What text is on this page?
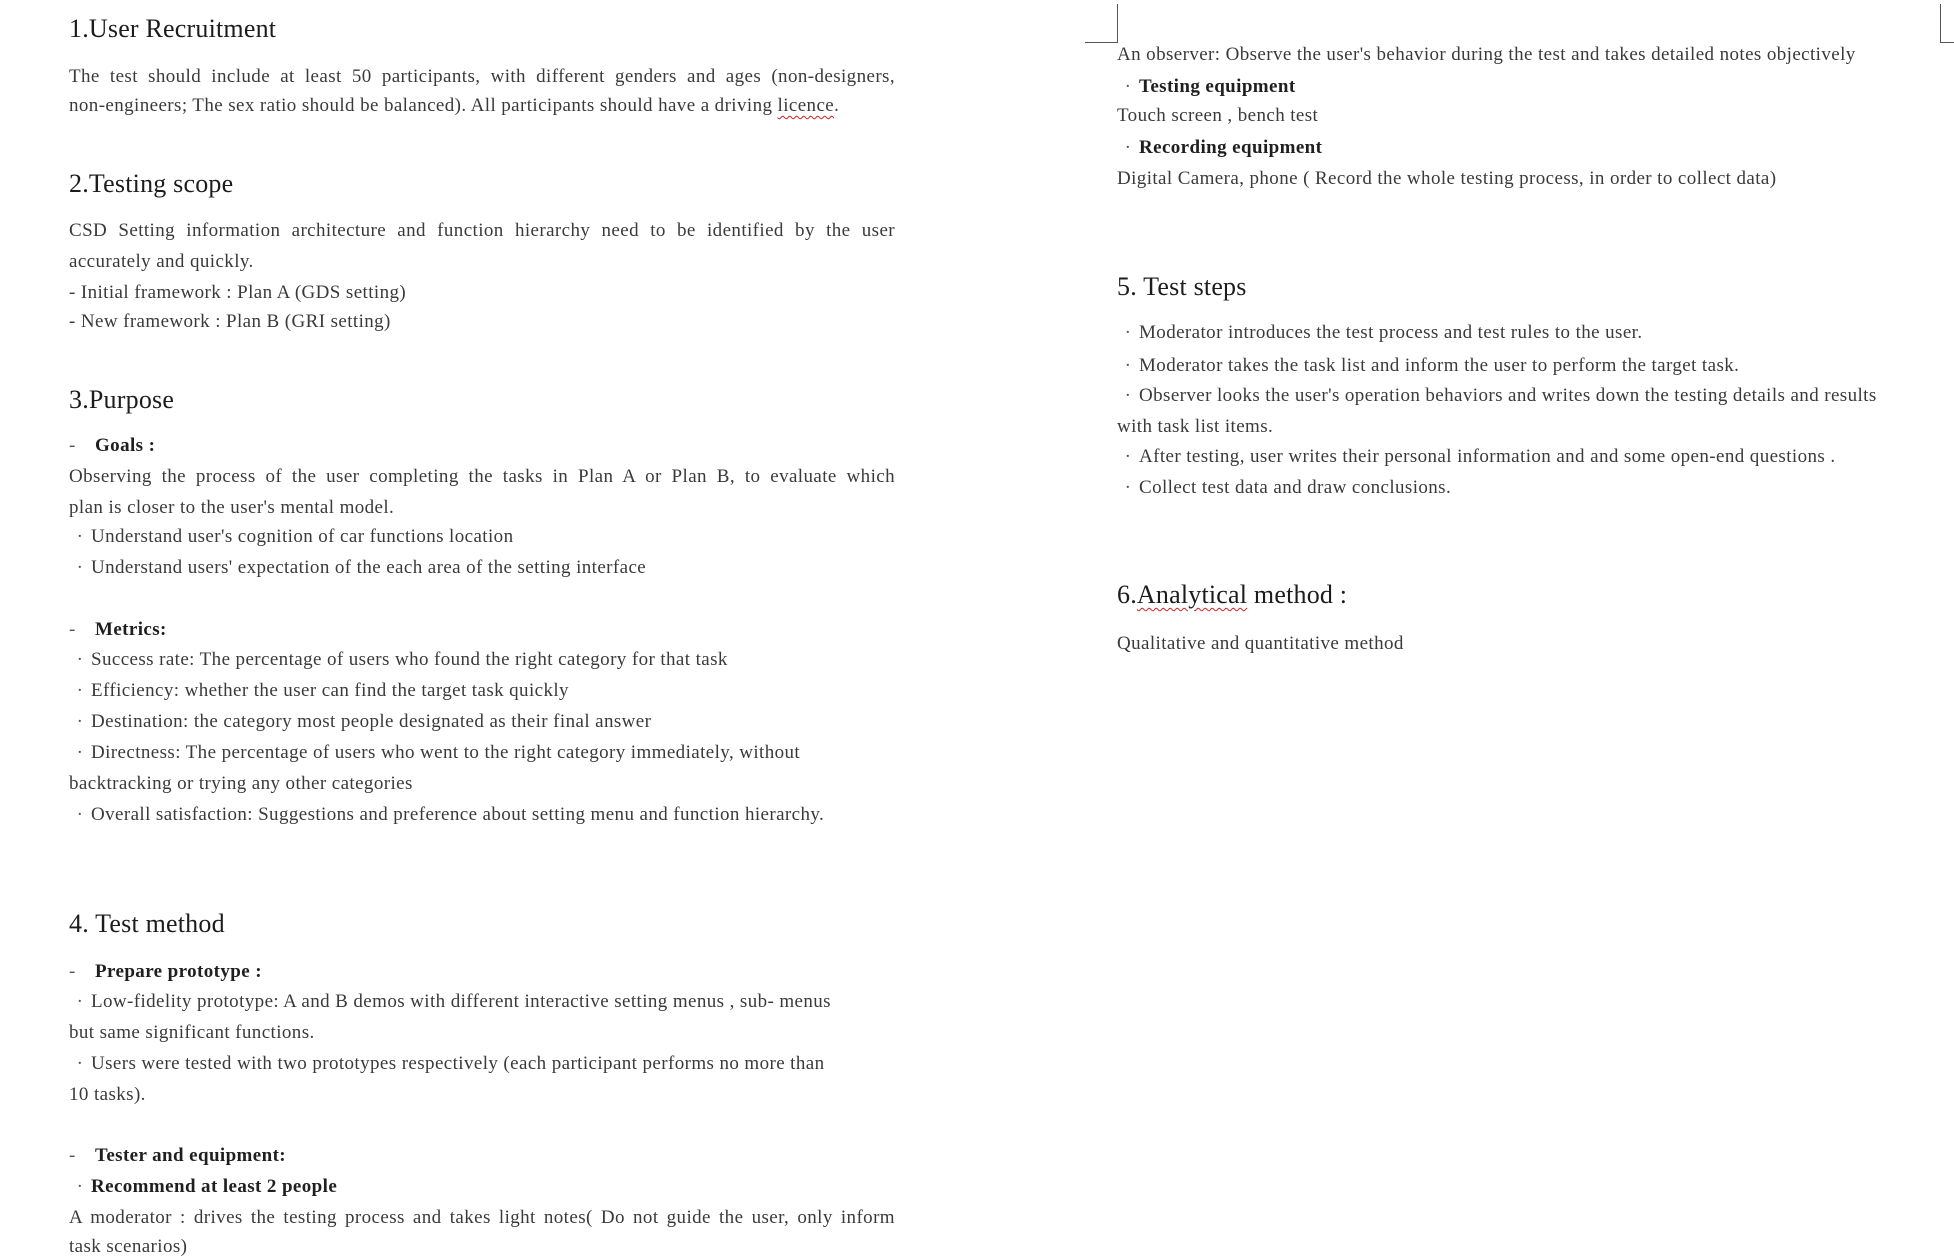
1.User Recruitment

The test should include at least 50 participants, with different genders and ages (non-designers,

non-engineers; The sex ratio should be balanced). All participants should have a driving licence.

2.Testing scope

CSD Setting information architecture and function hierarchy need to be identified by the user

accurately and quickly.

- Initial framework : Plan A (GDS setting)

- New framework : Plan B (GRI setting)

3.Purpose

- Goals :

Observing the process of the user completing the tasks in Plan A or Plan B, to evaluate which

plan is closer to the user's mental model.

· Understand user's cognition of car functions location

· Understand users' expectation of the each area of the setting interface

- Metrics:

· Success rate: The percentage of users who found the right category for that task

· Efficiency: whether the user can find the target task quickly

· Destination: the category most people designated as their final answer

· Directness: The percentage of users who went to the right category immediately, without

backtracking or trying any other categories

· Overall satisfaction: Suggestions and preference about setting menu and function hierarchy.

4. Test method

- Prepare prototype :

· Low-fidelity prototype: A and B demos with different interactive setting menus , sub- menus

but same significant functions.

· Users were tested with two prototypes respectively (each participant performs no more than

10 tasks).

- Tester and equipment:

· Recommend at least 2 people

A moderator : drives the testing process and takes light notes( Do not guide the user, only inform

task scenarios)

An observer: Observe the user's behavior during the test and takes detailed notes objectively

· Testing equipment

Touch screen , bench test

· Recording equipment

Digital Camera, phone ( Record the whole testing process, in order to collect data)

5. Test steps

· Moderator introduces the test process and test rules to the user.

· Moderator takes the task list and inform the user to perform the target task.

· Observer looks the user's operation behaviors and writes down the testing details and results

with task list items.

· After testing, user writes their personal information and and some open-end questions .

· Collect test data and draw conclusions.

6.Analytical method :

Qualitative and quantitative method
